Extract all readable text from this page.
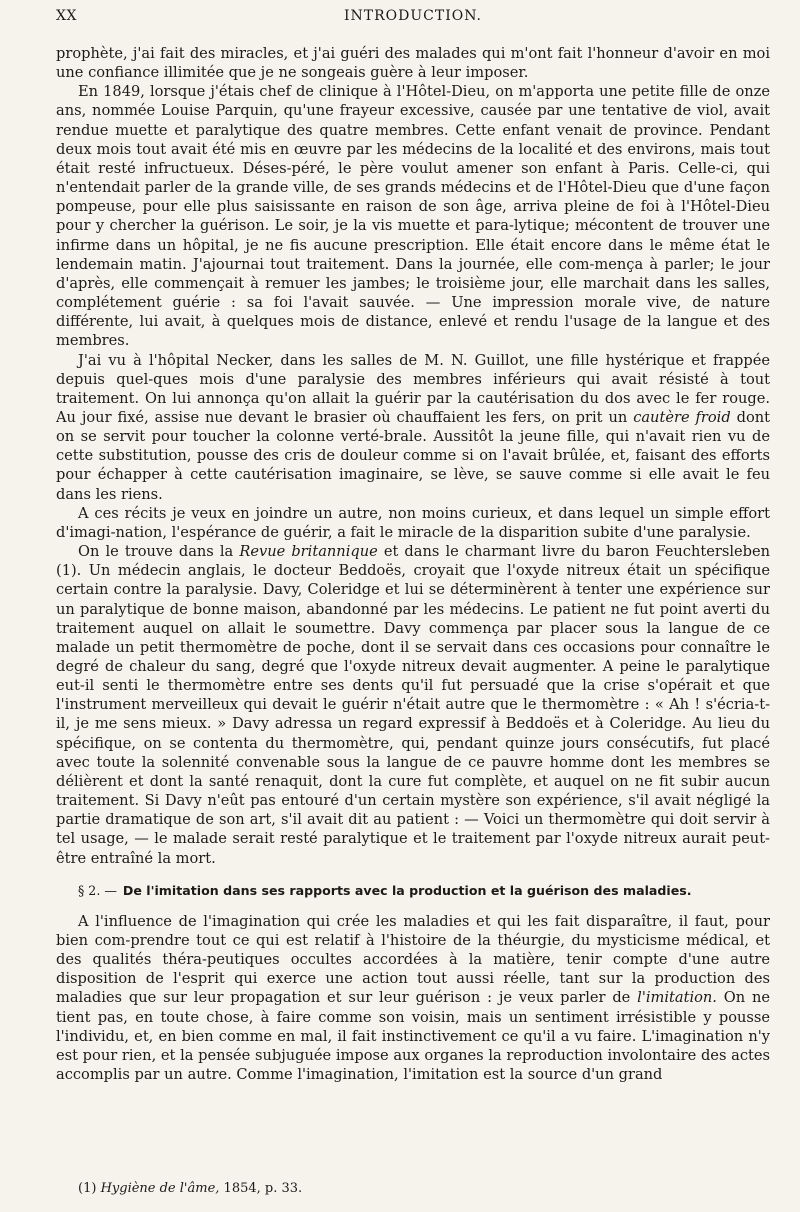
XX	INTRODUCTION.

prophète, j'ai fait des miracles, et j'ai guéri des malades qui m'ont fait l'honneur d'avoir en moi une confiance illimitée que je ne songeais guère à leur imposer.

En 1849, lorsque j'étais chef de clinique à l'Hôtel-Dieu, on m'apporta une petite fille de onze ans, nommée Louise Parquin, qu'une frayeur excessive, causée par une tentative de viol, avait rendue muette et paralytique des quatre membres. Cette enfant venait de province. Pendant deux mois tout avait été mis en œuvre par les médecins de la localité et des environs, mais tout était resté infructueux. Déses-péré, le père voulut amener son enfant à Paris. Celle-ci, qui n'entendait parler de la grande ville, de ses grands médecins et de l'Hôtel-Dieu que d'une façon pompeuse, pour elle plus saisissante en raison de son âge, arriva pleine de foi à l'Hôtel-Dieu pour y chercher la guérison. Le soir, je la vis muette et para-lytique; mécontent de trouver une infirme dans un hôpital, je ne fis aucune prescription. Elle était encore dans le même état le lendemain matin. J'ajournai tout traitement. Dans la journée, elle com-mença à parler; le jour d'après, elle commençait à remuer les jambes; le troisième jour, elle marchait dans les salles, complétement guérie : sa foi l'avait sauvée. — Une impression morale vive, de nature différente, lui avait, à quelques mois de distance, enlevé et rendu l'usage de la langue et des membres.

J'ai vu à l'hôpital Necker, dans les salles de M. N. Guillot, une fille hystérique et frappée depuis quel-ques mois d'une paralysie des membres inférieurs qui avait résisté à tout traitement. On lui annonça qu'on allait la guérir par la cautérisation du dos avec le fer rouge. Au jour fixé, assise nue devant le brasier où chauffaient les fers, on prit un cautère froid dont on se servit pour toucher la colonne verté-brale. Aussitôt la jeune fille, qui n'avait rien vu de cette substitution, pousse des cris de douleur comme si on l'avait brûlée, et, faisant des efforts pour échapper à cette cautérisation imaginaire, se lève, se sauve comme si elle avait le feu dans les riens.

A ces récits je veux en joindre un autre, non moins curieux, et dans lequel un simple effort d'imagi-nation, l'espérance de guérir, a fait le miracle de la disparition subite d'une paralysie.

On le trouve dans la Revue britannique et dans le charmant livre du baron Feuchtersleben (1). Un médecin anglais, le docteur Beddoës, croyait que l'oxyde nitreux était un spécifique certain contre la paralysie. Davy, Coleridge et lui se déterminèrent à tenter une expérience sur un paralytique de bonne maison, abandonné par les médecins. Le patient ne fut point averti du traitement auquel on allait le soumettre. Davy commença par placer sous la langue de ce malade un petit thermomètre de poche, dont il se servait dans ces occasions pour connaître le degré de chaleur du sang, degré que l'oxyde nitreux devait augmenter. A peine le paralytique eut-il senti le thermomètre entre ses dents qu'il fut persuadé que la crise s'opérait et que l'instrument merveilleux qui devait le guérir n'était autre que le thermomètre : « Ah ! s'écria-t-il, je me sens mieux. » Davy adressa un regard expressif à Beddoës et à Coleridge. Au lieu du spécifique, on se contenta du thermomètre, qui, pendant quinze jours consécutifs, fut placé avec toute la solennité convenable sous la langue de ce pauvre homme dont les membres se délièrent et dont la santé renaquit, dont la cure fut complète, et auquel on ne fit subir aucun traitement. Si Davy n'eût pas entouré d'un certain mystère son expérience, s'il avait négligé la partie dramatique de son art, s'il avait dit au patient : — Voici un thermomètre qui doit servir à tel usage, — le malade serait resté paralytique et le traitement par l'oxyde nitreux aurait peut-être entraîné la mort.

§ 2. — De l'imitation dans ses rapports avec la production et la guérison des maladies.

A l'influence de l'imagination qui crée les maladies et qui les fait disparaître, il faut, pour bien com-prendre tout ce qui est relatif à l'histoire de la théurgie, du mysticisme médical, et des qualités théra-peutiques occultes accordées à la matière, tenir compte d'une autre disposition de l'esprit qui exerce une action tout aussi réelle, tant sur la production des maladies que sur leur propagation et sur leur guérison : je veux parler de l'imitation. On ne tient pas, en toute chose, à faire comme son voisin, mais un sentiment irrésistible y pousse l'individu, et, en bien comme en mal, il fait instinctivement ce qu'il a vu faire. L'imagination n'y est pour rien, et la pensée subjuguée impose aux organes la reproduction involontaire des actes accomplis par un autre. Comme l'imagination, l'imitation est la source d'un grand

(1) Hygiène de l'âme, 1854, p. 33.
